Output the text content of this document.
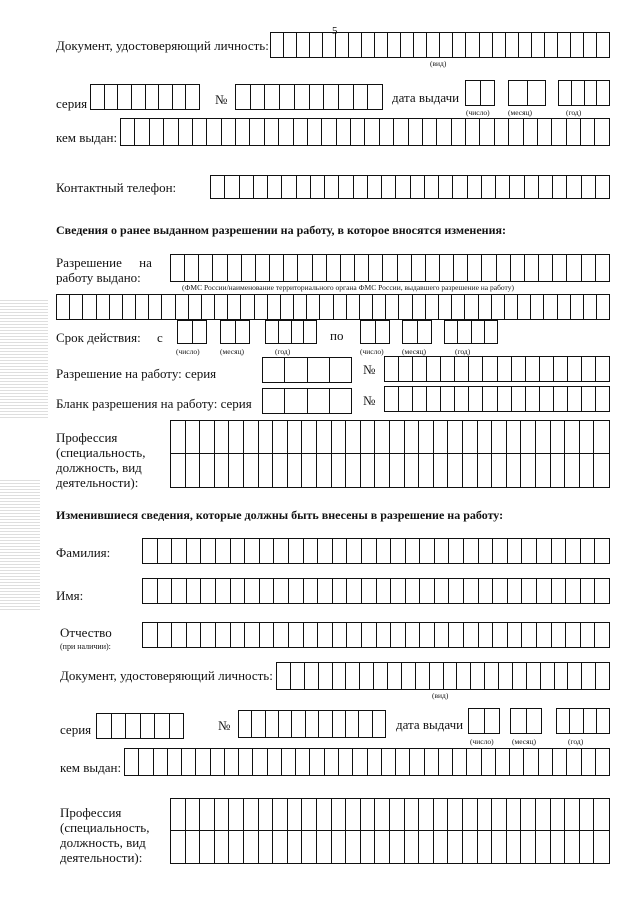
5
Документ, удостоверяющий личность:
(вид)
серия	№	дата выдачи
(число) (месяц)	(год)
кем выдан:
Контактный телефон:
Сведения о ранее выданном разрешении на работу, в которое вносятся изменения:
Разрешение на
работу выдано:
(ФМС России/наименование территориального органа ФМС России, выдавшего разрешение на работу)
Срок действия: с
(число)	(месяц)	(год)
по
(число) (месяц)	(год)
Разрешение на работу: серия	№
Бланк разрешения на работу: серия	№
Профессия
(специальность,
должность, вид
деятельности):
Изменившиеся сведения, которые должны быть внесены в разрешение на работу:
Фамилия:
Имя:
Отчество
(при наличии):
Документ, удостоверяющий личность:
(вид)
серия	№	дата выдачи
(число) (месяц)	(год)
кем выдан:
Профессия
(специальность,
должность, вид
деятельности):
